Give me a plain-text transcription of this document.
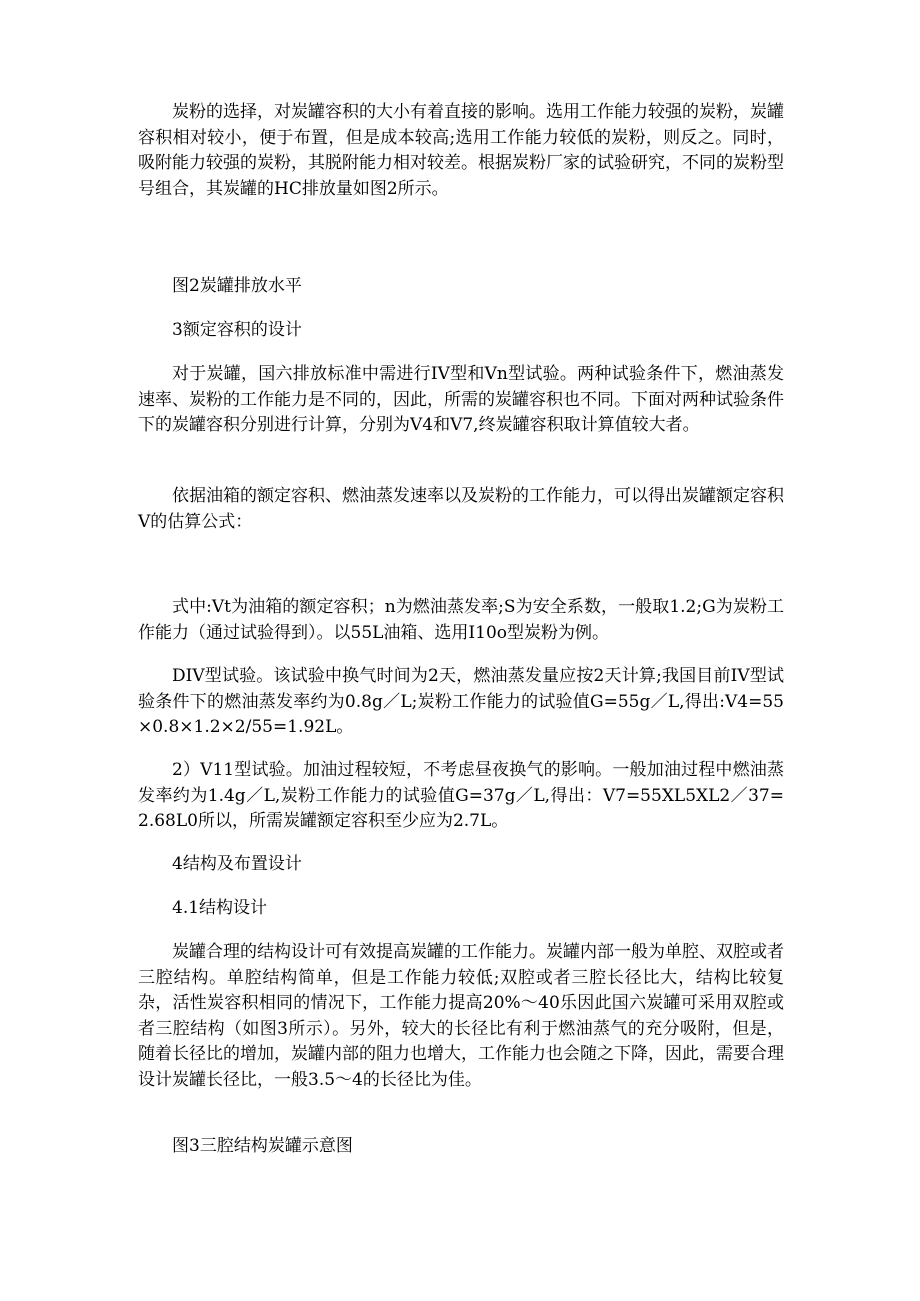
炭粉的选择，对炭罐容积的大小有着直接的影响。选用工作能力较强的炭粉，炭罐容积相对较小，便于布置，但是成本较高;选用工作能力较低的炭粉，则反之。同时，吸附能力较强的炭粉，其脱附能力相对较差。根据炭粉厂家的试验研究，不同的炭粉型号组合，其炭罐的HC排放量如图2所示。

图2炭罐排放水平

3额定容积的设计

对于炭罐，国六排放标准中需进行IV型和Vn型试验。两种试验条件下，燃油蒸发速率、炭粉的工作能力是不同的，因此，所需的炭罐容积也不同。下面对两种试验条件下的炭罐容积分别进行计算，分别为V4和V7,终炭罐容积取计算值较大者。

依据油箱的额定容积、燃油蒸发速率以及炭粉的工作能力，可以得出炭罐额定容积V的估算公式：

式中:Vt为油箱的额定容积；n为燃油蒸发率;S为安全系数，一般取1.2;G为炭粉工作能力（通过试验得到）。以55L油箱、选用I10o型炭粉为例。

DIV型试验。该试验中换气时间为2天，燃油蒸发量应按2天计算;我国目前IV型试验条件下的燃油蒸发率约为0.8g／L;炭粉工作能力的试验值G=55g／L,得出:V4=55×0.8×1.2×2/55=1.92L。

2）V11型试验。加油过程较短，不考虑昼夜换气的影响。一般加油过程中燃油蒸发率约为1.4g／L,炭粉工作能力的试验值G=37g／L,得出：V7=55XL5XL2／37=2.68L0所以，所需炭罐额定容积至少应为2.7L。

4结构及布置设计

4.1结构设计

炭罐合理的结构设计可有效提高炭罐的工作能力。炭罐内部一般为单腔、双腔或者三腔结构。单腔结构简单，但是工作能力较低;双腔或者三腔长径比大，结构比较复杂，活性炭容积相同的情况下，工作能力提高20%～40乐因此国六炭罐可采用双腔或者三腔结构（如图3所示）。另外，较大的长径比有利于燃油蒸气的充分吸附，但是，随着长径比的增加，炭罐内部的阻力也增大，工作能力也会随之下降，因此，需要合理设计炭罐长径比，一般3.5～4的长径比为佳。

图3三腔结构炭罐示意图
